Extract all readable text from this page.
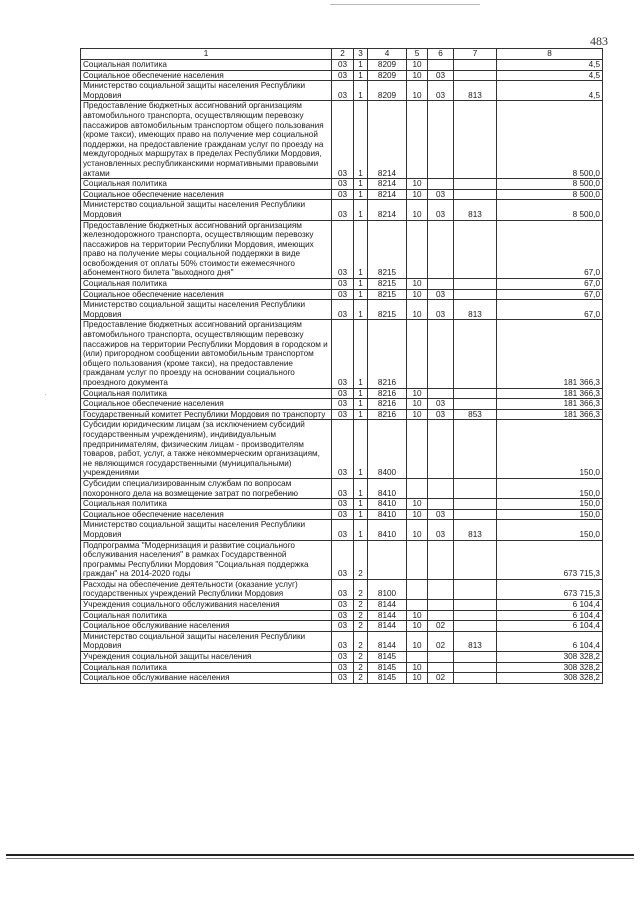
483
·
1	2	3	4	5	6	7	8
Социальная политика	03	1	8209	10			4,5
Социальное обеспечение населения	03	1	8209	10	03		4,5
Министерство социальной защиты населения Республики Мордовия	03	1	8209	10	03	813	4,5
Предоставление бюджетных ассигнований организациям автомобильного транспорта, осуществляющим перевозку пассажиров автомобильным транспортом общего пользования (кроме такси), имеющих право на получение мер социальной поддержки, на предоставление гражданам услуг по проезду на междугородных маршрутах в пределах Республики Мордовия, установленных республиканскими нормативными правовыми актами	03	1	8214				8 500,0
Социальная политика	03	1	8214	10			8 500,0
Социальное обеспечение населения	03	1	8214	10	03		8 500,0
Министерство социальной защиты населения Республики Мордовия	03	1	8214	10	03	813	8 500,0
Предоставление бюджетных ассигнований организациям железнодорожного транспорта, осуществляющим перевозку пассажиров на территории Республики Мордовия, имеющих право на получение меры социальной поддержки в виде освобождения от оплаты 50% стоимости ежемесячного абонементного билета "выходного дня"	03	1	8215				67,0
Социальная политика	03	1	8215	10			67,0
Социальное обеспечение населения	03	1	8215	10	03		67,0
Министерство социальной защиты населения Республики Мордовия	03	1	8215	10	03	813	67,0
Предоставление бюджетных ассигнований организациям автомобильного транспорта, осуществляющим перевозку пассажиров на территории Республики Мордовия в городском и (или) пригородном сообщении автомобильным транспортом общего пользования (кроме такси), на предоставление гражданам услуг по проезду на основании социального проездного документа	03	1	8216				181 366,3
Социальная политика	03	1	8216	10			181 366,3
Социальное обеспечение населения	03	1	8216	10	03		181 366,3
Государственный комитет Республики Мордовия по транспорту	03	1	8216	10	03	853	181 366,3
Субсидии юридическим лицам (за исключением субсидий государственным учреждениям), индивидуальным предпринимателям, физическим лицам - производителям товаров, работ, услуг, а также некоммерческим организациям, не являющимся государственными (муниципальными) учреждениями	03	1	8400				150,0
Субсидии специализированным службам по вопросам похоронного дела на возмещение затрат по погребению	03	1	8410				150,0
Социальная политика	03	1	8410	10			150,0
Социальное обеспечение населения	03	1	8410	10	03		150,0
Министерство социальной защиты населения Республики Мордовия	03	1	8410	10	03	813	150,0
Подпрограмма "Модернизация и развитие социального обслуживания населения" в рамках Государственной программы Республики Мордовия "Социальная поддержка граждан" на 2014-2020 годы	03	2					673 715,3
Расходы на обеспечение деятельности (оказание услуг) государственных учреждений Республики Мордовия	03	2	8100				673 715,3
Учреждения социального обслуживания населения	03	2	8144				6 104,4
Социальная политика	03	2	8144	10			6 104,4
Социальное обслуживание населения	03	2	8144	10	02		6 104,4
Министерство социальной защиты населения Республики Мордовия	03	2	8144	10	02	813	6 104,4
Учреждения социальной защиты населения	03	2	8145				308 328,2
Социальная политика	03	2	8145	10			308 328,2
Социальное обслуживание населения	03	2	8145	10	02		308 328,2
